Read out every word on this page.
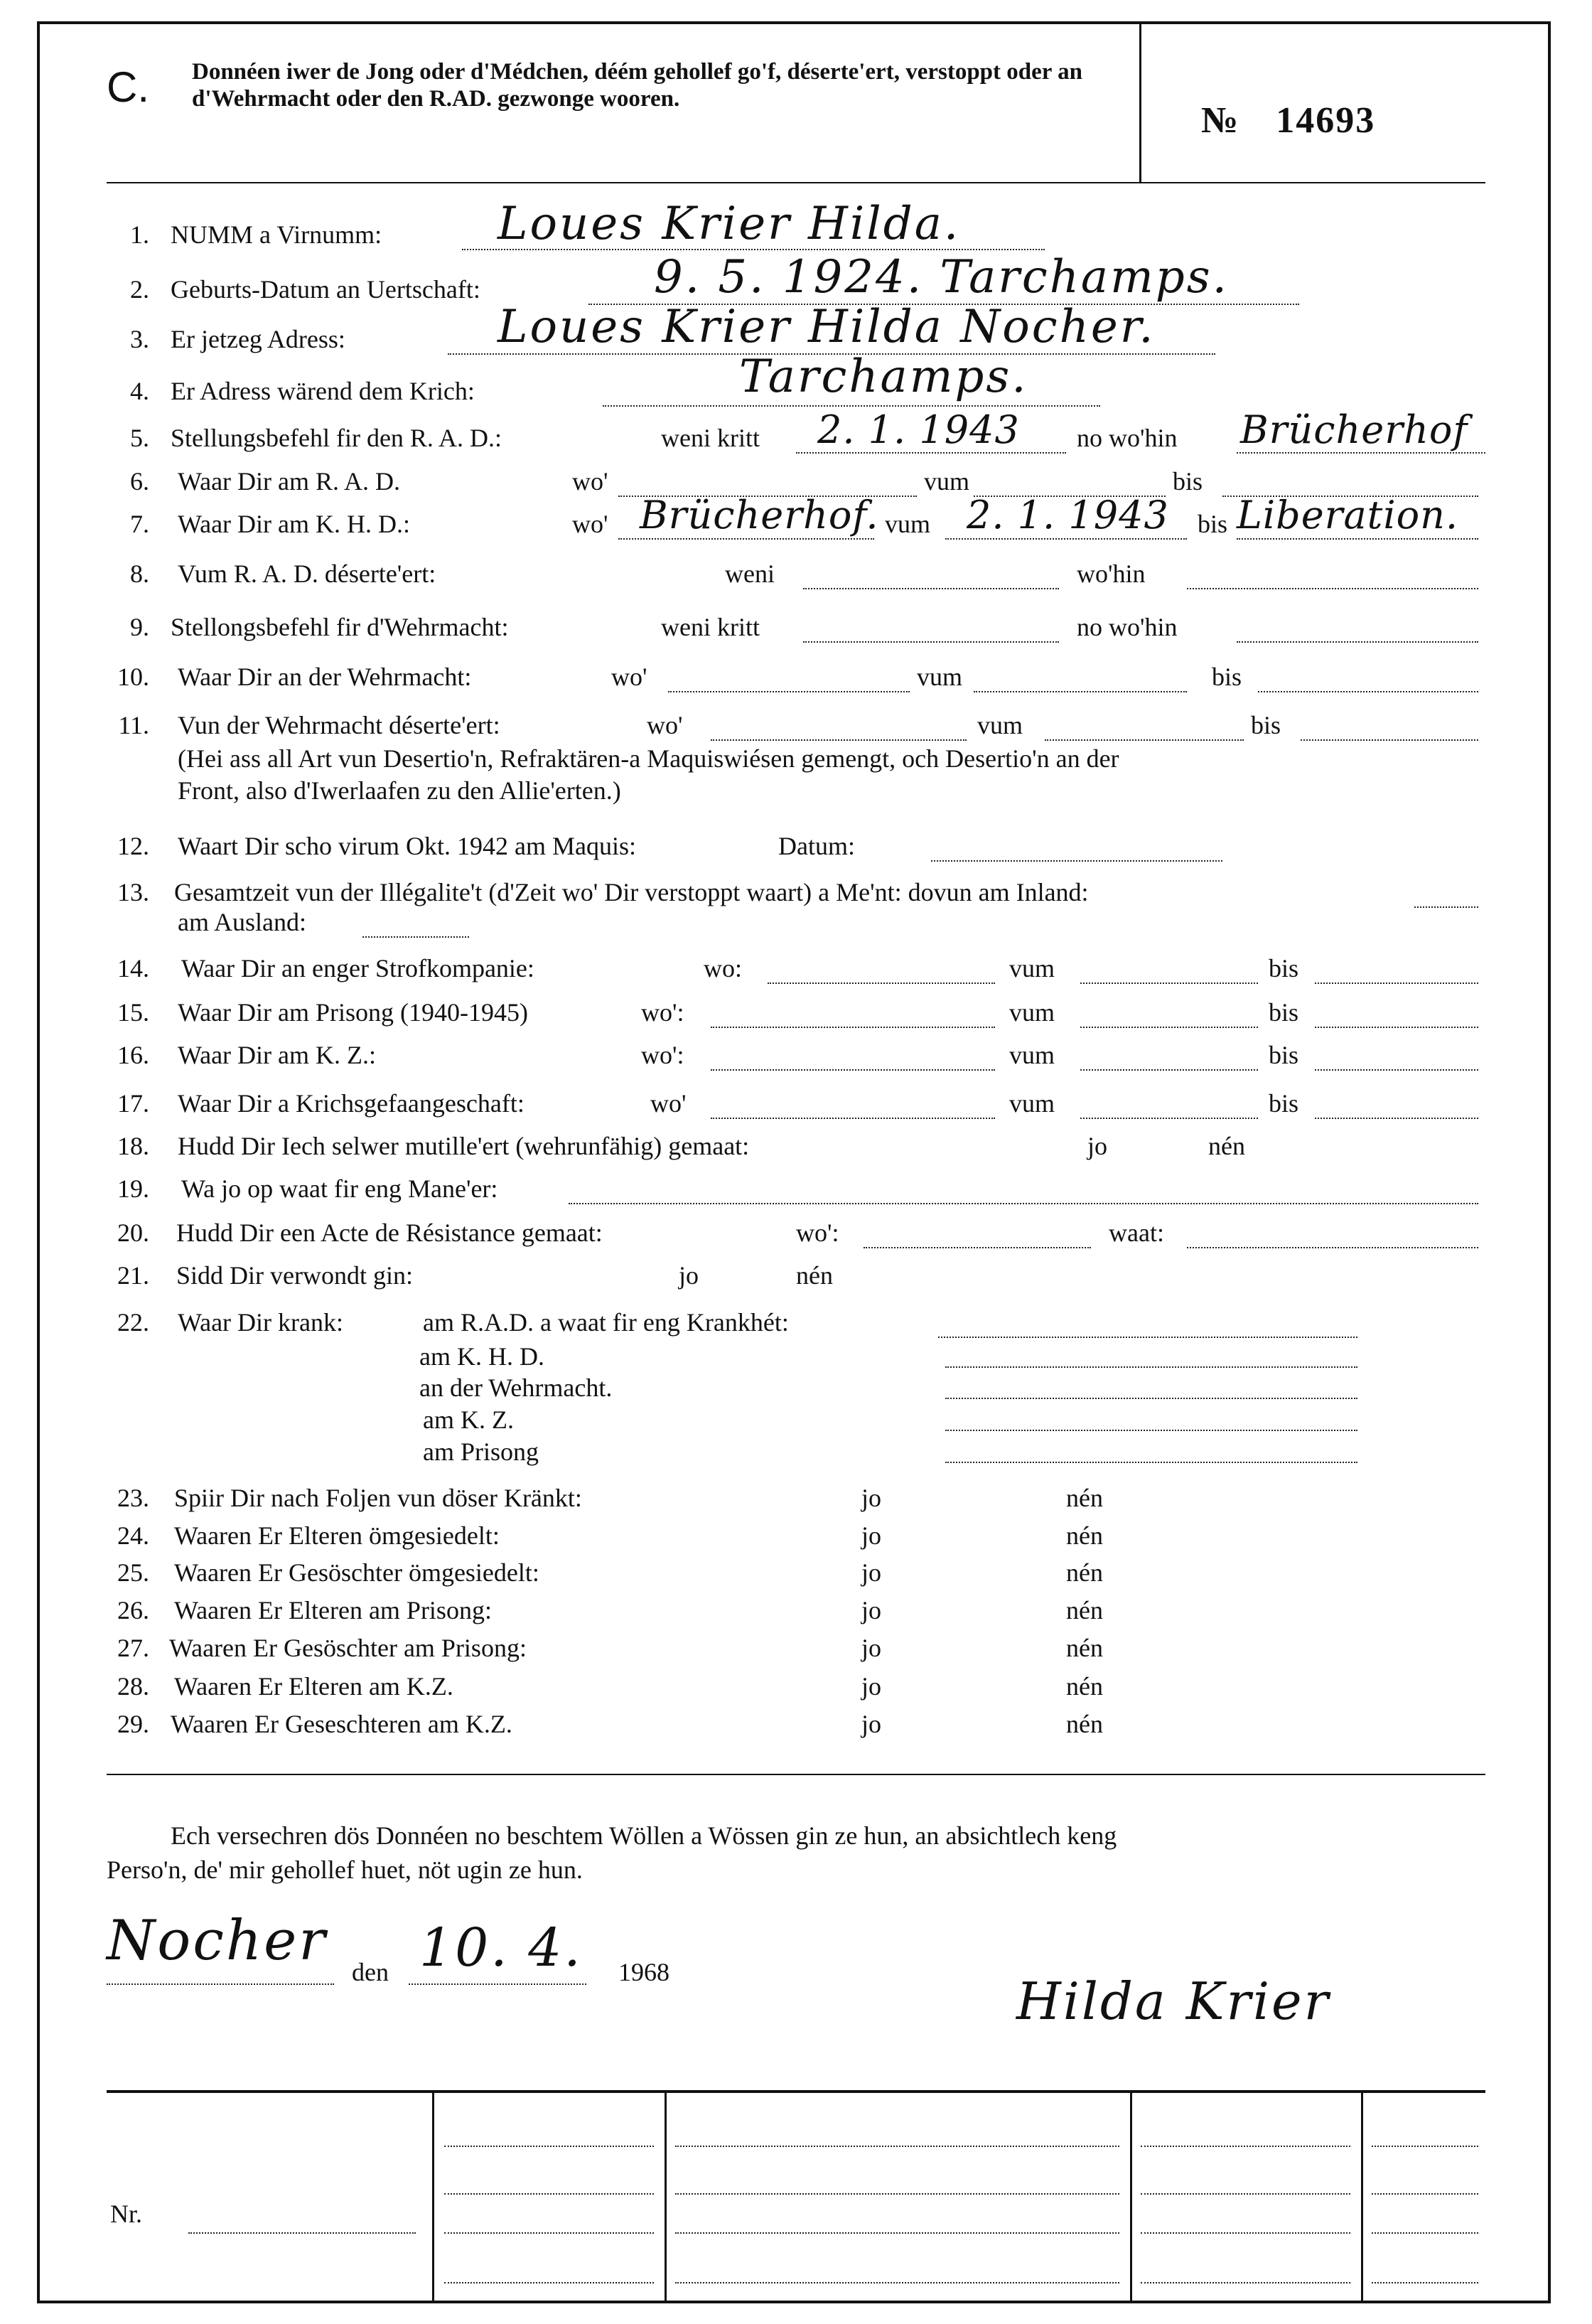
C. Donnéen iwer de Jong oder d'Médchen, déém gehollef go'f, déserte'ert, verstoppt oder an d'Wehrmacht oder den R.AD. gezwonge wooren.
№ 14693
1. NUMM a Virnumm:	Loues Krier Hilda.
2. Geburts-Datum an Uertschaft:	9. 5. 1924. Tarchamps.
3. Er jetzeg Adress:	Loues Krier Hilda Nocher.
4. Er Adress wärend dem Krich:	Tarchamps.
5. Stellungsbefehl fir den R. A. D.:	weni kritt 2. 1. 1943 no wo'hin Brücherhof
6. Waar Dir am R. A. D.	wo'	vum	bis
7. Waar Dir am K. H. D.:	wo' Brücherhof. vum 2. 1. 1943 bis Liberation.
8. Vum R. A. D. déserte'ert:	weni	wo'hin
9. Stellongsbefehl fir d'Wehrmacht:	weni kritt	no wo'hin
10. Waar Dir an der Wehrmacht:	wo'	vum	bis
11. Vun der Wehrmacht déserte'ert:	wo'	vum	bis
(Hei ass all Art vun Desertio'n, Refraktären-a Maquiswiésen gemengt, och Desertio'n an der
Front, also d'Iwerlaafen zu den Allie'erten.)
12. Waart Dir scho virum Okt. 1942 am Maquis:	Datum:
13. Gesamtzeit vun der Illégalite't (d'Zeit wo' Dir verstoppt waart) a Me'nt: dovun am Inland:
am Ausland:
14. Waar Dir an enger Strofkompanie:	wo:	vum	bis
15. Waar Dir am Prisong (1940-1945)	wo':	vum	bis
16. Waar Dir am K. Z.:	wo':	vum	bis
17. Waar Dir a Krichsgefaangeschaft:	wo'	vum	bis
18. Hudd Dir Iech selwer mutille'ert (wehrunfähig) gemaat:	jo	nén
19. Wa jo op waat fir eng Mane'er:
20. Hudd Dir een Acte de Résistance gemaat:	wo':	waat:
21. Sidd Dir verwondt gin:	jo	nén
22. Waar Dir krank:	am R.A.D. a waat fir eng Krankhét:
am K. H. D.
an der Wehrmacht.
am K. Z.
am Prisong
23. Spiir Dir nach Foljen vun döser Kränkt:	jo	nén
24. Waaren Er Elteren ömgesiedelt:	jo	nén
25. Waaren Er Gesöschter ömgesiedelt:	jo	nén
26. Waaren Er Elteren am Prisong:	jo	nén
27. Waaren Er Gesöschter am Prisong:	jo	nén
28. Waaren Er Elteren am K.Z.	jo	nén
29. Waaren Er Geseschteren am K.Z.	jo	nén
Ech versechren dös Donnéen no beschtem Wöllen a Wössen gin ze hun, an absichtlech keng
Perso'n, de' mir gehollef huet, nöt ugin ze hun.
Nocher den 10. 4. 1968	Hilda Krier
Nr.
